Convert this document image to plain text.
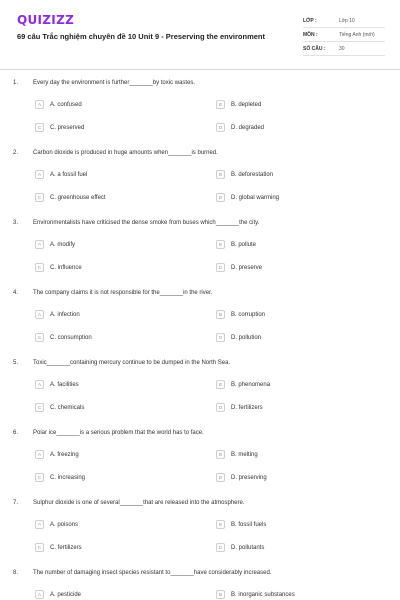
QUIZIZZ
69 câu Trắc nghiệm chuyên đề 10 Unit 9 - Preserving the environment
LỚP :	Lớp 10
MÔN :	Tiếng Anh (mới)
SỐ CÂU :	30
1. Every day the environment is further_______by toxic wastes.
A	A. confused	B	B. depleted
C	C. preserved	D	D. degraded
2. Carbon dioxide is produced in huge amounts when_______is burned.
A	A. a fossil fuel	B	B. deforestation
C	C. greenhouse effect	D	D. global warming
3. Environmentalists have criticised the dense smoke from buses which_______the city.
A	A. modify	B	B. pollute
C	C. influence	D	D. preserve
4. The company claims it is not responsible for the_______in the river.
A	A. infection	B	B. corruption
C	C. consumption	D	D. pollution
5. Toxic_______containing mercury continue to be dumped in the North Sea.
A	A. facilities	B	B. phenomena
C	C. chemicals	D	D. fertilizers
6. Polar ice_______is a serious problem that the world has to face.
A	A. freezing	B	B. melting
C	C. increasing	D	D. preserving
7. Sulphur dioxide is one of several_______that are released into the atmosphere.
A	A. poisons	B	B. fossil fuels
C	C. fertilizers	D	D. pollutants
8. The number of damaging insect species resistant to_______have considerably increased.
A	A. pesticide	B	B. inorganic substances
